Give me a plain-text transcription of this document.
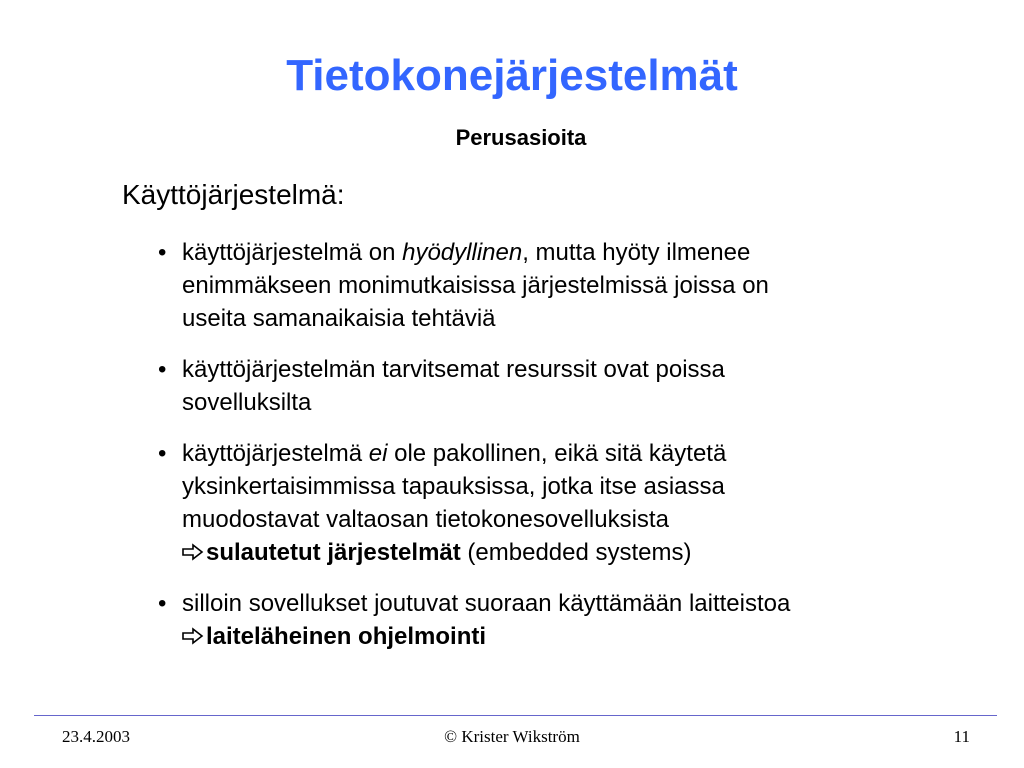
Tietokonejärjestelmät
Perusasioita
Käyttöjärjestelmä:
• käyttöjärjestelmä on hyödyllinen, mutta hyöty ilmenee
enimmäkseen monimutkaisissa järjestelmissä joissa on
useita samanaikaisia tehtäviä
• käyttöjärjestelmän tarvitsemat resurssit ovat poissa
sovelluksilta
• käyttöjärjestelmä ei ole pakollinen, eikä sitä käytetä
yksinkertaisimmissa tapauksissa, jotka itse asiassa
muodostavat valtaosan tietokonesovelluksista
sulautetut järjestelmät (embedded systems)
• silloin sovellukset joutuvat suoraan käyttämään laitteistoa
laiteläheinen ohjelmointi
23.4.2003	© Krister Wikström	11
